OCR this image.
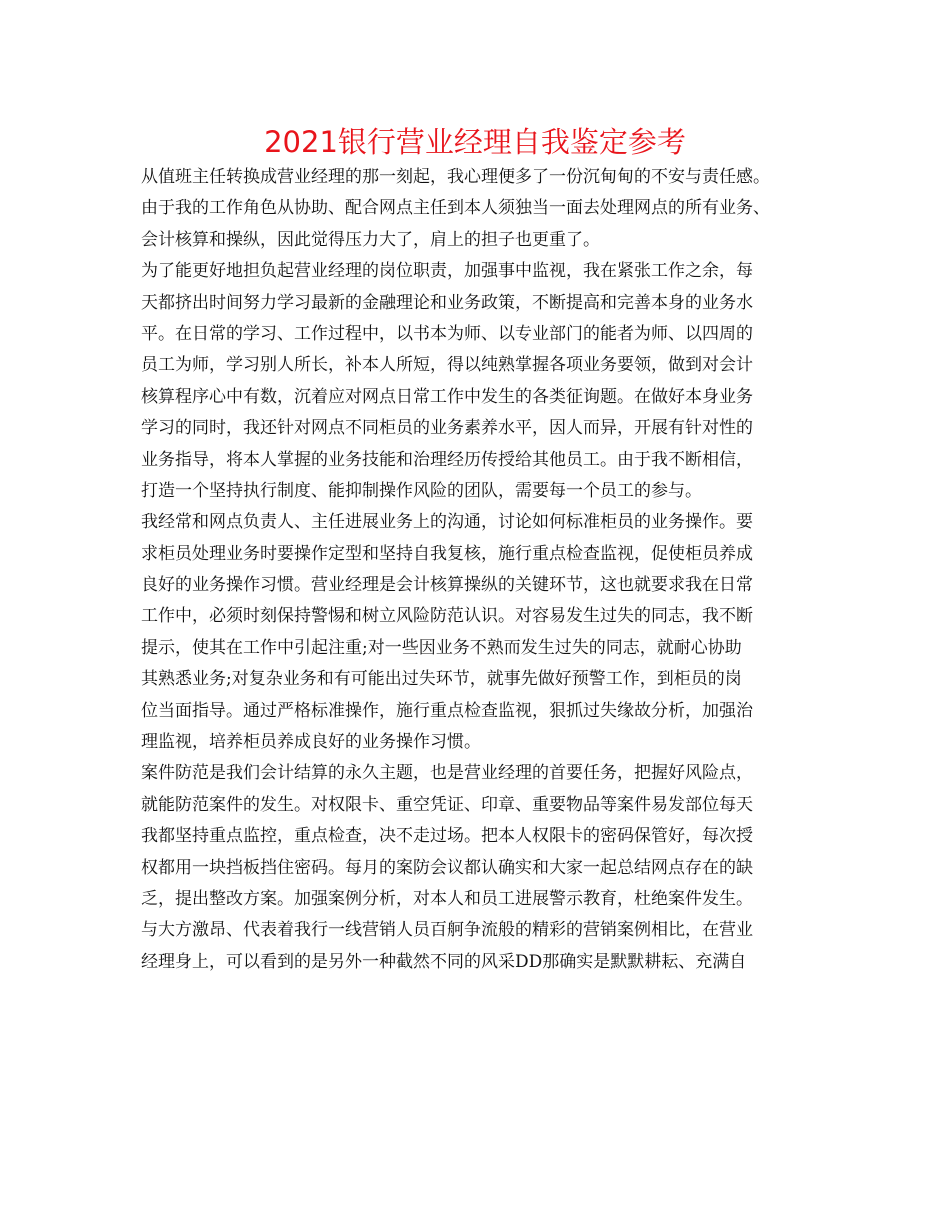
2021银行营业经理自我鉴定参考

从值班主任转换成营业经理的那一刻起，我心理便多了一份沉甸甸的不安与责任感。

由于我的工作角色从协助、配合网点主任到本人须独当一面去处理网点的所有业务、

会计核算和操纵，因此觉得压力大了，肩上的担子也更重了。

为了能更好地担负起营业经理的岗位职责，加强事中监视，我在紧张工作之余，每

天都挤出时间努力学习最新的金融理论和业务政策，不断提高和完善本身的业务水

平。在日常的学习、工作过程中，以书本为师、以专业部门的能者为师、以四周的

员工为师，学习别人所长，补本人所短，得以纯熟掌握各项业务要领，做到对会计

核算程序心中有数，沉着应对网点日常工作中发生的各类征询题。在做好本身业务

学习的同时，我还针对网点不同柜员的业务素养水平，因人而异，开展有针对性的

业务指导，将本人掌握的业务技能和治理经历传授给其他员工。由于我不断相信，

打造一个坚持执行制度、能抑制操作风险的团队，需要每一个员工的参与。

我经常和网点负责人、主任进展业务上的沟通，讨论如何标准柜员的业务操作。要

求柜员处理业务时要操作定型和坚持自我复核，施行重点检查监视，促使柜员养成

良好的业务操作习惯。营业经理是会计核算操纵的关键环节，这也就要求我在日常

工作中，必须时刻保持警惕和树立风险防范认识。对容易发生过失的同志，我不断

提示，使其在工作中引起注重;对一些因业务不熟而发生过失的同志，就耐心协助

其熟悉业务;对复杂业务和有可能出过失环节，就事先做好预警工作，到柜员的岗

位当面指导。通过严格标准操作，施行重点检查监视，狠抓过失缘故分析，加强治

理监视，培养柜员养成良好的业务操作习惯。

案件防范是我们会计结算的永久主题，也是营业经理的首要任务，把握好风险点，

就能防范案件的发生。对权限卡、重空凭证、印章、重要物品等案件易发部位每天

我都坚持重点监控，重点检查，决不走过场。把本人权限卡的密码保管好，每次授

权都用一块挡板挡住密码。每月的案防会议都认确实和大家一起总结网点存在的缺

乏，提出整改方案。加强案例分析，对本人和员工进展警示教育，杜绝案件发生。

与大方激昂、代表着我行一线营销人员百舸争流般的精彩的营销案例相比，在营业

经理身上，可以看到的是另外一种截然不同的风采DD那确实是默默耕耘、充满自
